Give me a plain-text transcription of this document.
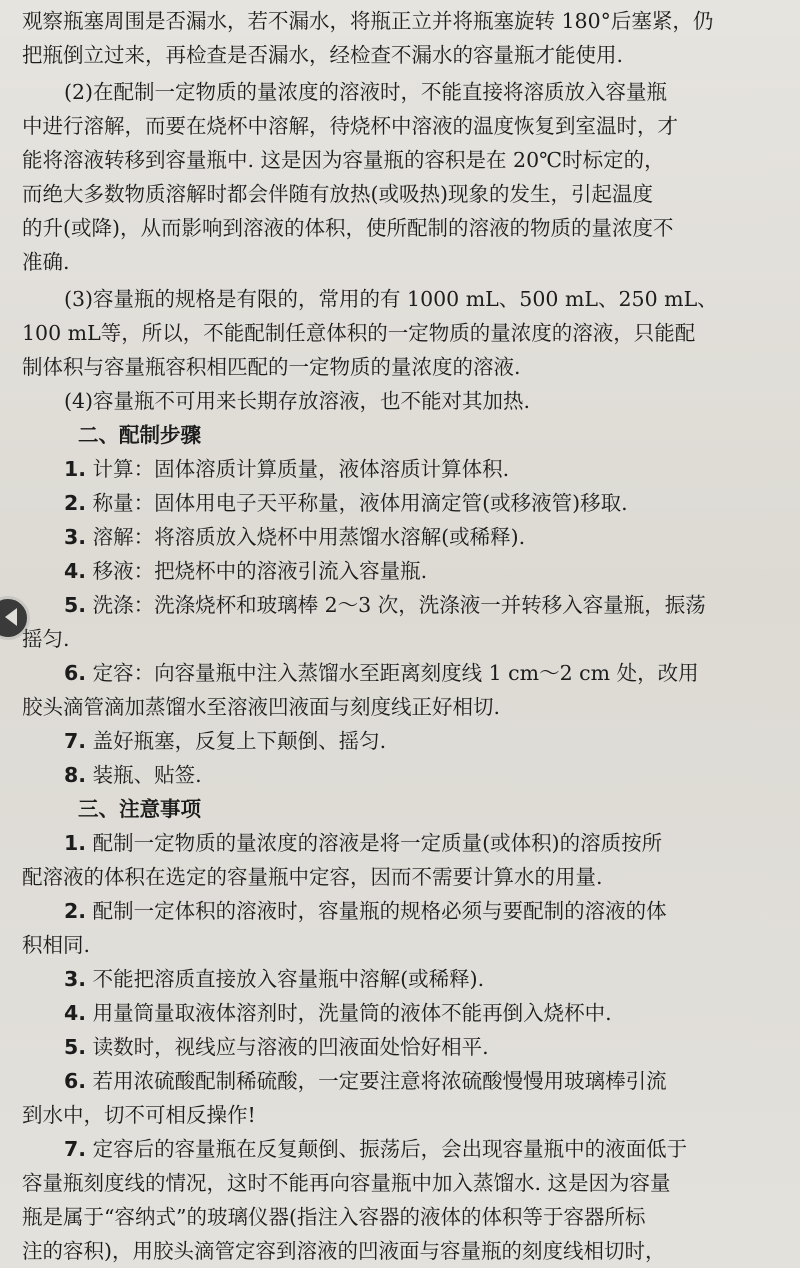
观察瓶塞周围是否漏水，若不漏水，将瓶正立并将瓶塞旋转 180°后塞紧，仍
把瓶倒立过来，再检查是否漏水，经检查不漏水的容量瓶才能使用.
(2)在配制一定物质的量浓度的溶液时，不能直接将溶质放入容量瓶
中进行溶解，而要在烧杯中溶解，待烧杯中溶液的温度恢复到室温时，才
能将溶液转移到容量瓶中. 这是因为容量瓶的容积是在 20℃时标定的，
而绝大多数物质溶解时都会伴随有放热(或吸热)现象的发生，引起温度
的升(或降)，从而影响到溶液的体积，使所配制的溶液的物质的量浓度不
准确.
(3)容量瓶的规格是有限的，常用的有 1000 mL、500 mL、250 mL、
100 mL等，所以，不能配制任意体积的一定物质的量浓度的溶液，只能配
制体积与容量瓶容积相匹配的一定物质的量浓度的溶液.
(4)容量瓶不可用来长期存放溶液，也不能对其加热.
二、配制步骤
1. 计算：固体溶质计算质量，液体溶质计算体积.
2. 称量：固体用电子天平称量，液体用滴定管(或移液管)移取.
3. 溶解：将溶质放入烧杯中用蒸馏水溶解(或稀释).
4. 移液：把烧杯中的溶液引流入容量瓶.
5. 洗涤：洗涤烧杯和玻璃棒 2～3 次，洗涤液一并转移入容量瓶，振荡
摇匀.
6. 定容：向容量瓶中注入蒸馏水至距离刻度线 1 cm～2 cm 处，改用
胶头滴管滴加蒸馏水至溶液凹液面与刻度线正好相切.
7. 盖好瓶塞，反复上下颠倒、摇匀.
8. 装瓶、贴签.
三、注意事项
1. 配制一定物质的量浓度的溶液是将一定质量(或体积)的溶质按所
配溶液的体积在选定的容量瓶中定容，因而不需要计算水的用量.
2. 配制一定体积的溶液时，容量瓶的规格必须与要配制的溶液的体
积相同.
3. 不能把溶质直接放入容量瓶中溶解(或稀释).
4. 用量筒量取液体溶剂时，洗量筒的液体不能再倒入烧杯中.
5. 读数时，视线应与溶液的凹液面处恰好相平.
6. 若用浓硫酸配制稀硫酸，一定要注意将浓硫酸慢慢用玻璃棒引流
到水中，切不可相反操作!
7. 定容后的容量瓶在反复颠倒、振荡后，会出现容量瓶中的液面低于
容量瓶刻度线的情况，这时不能再向容量瓶中加入蒸馏水. 这是因为容量
瓶是属于“容纳式”的玻璃仪器(指注入容器的液体的体积等于容器所标
注的容积)，用胶头滴管定容到溶液的凹液面与容量瓶的刻度线相切时，
